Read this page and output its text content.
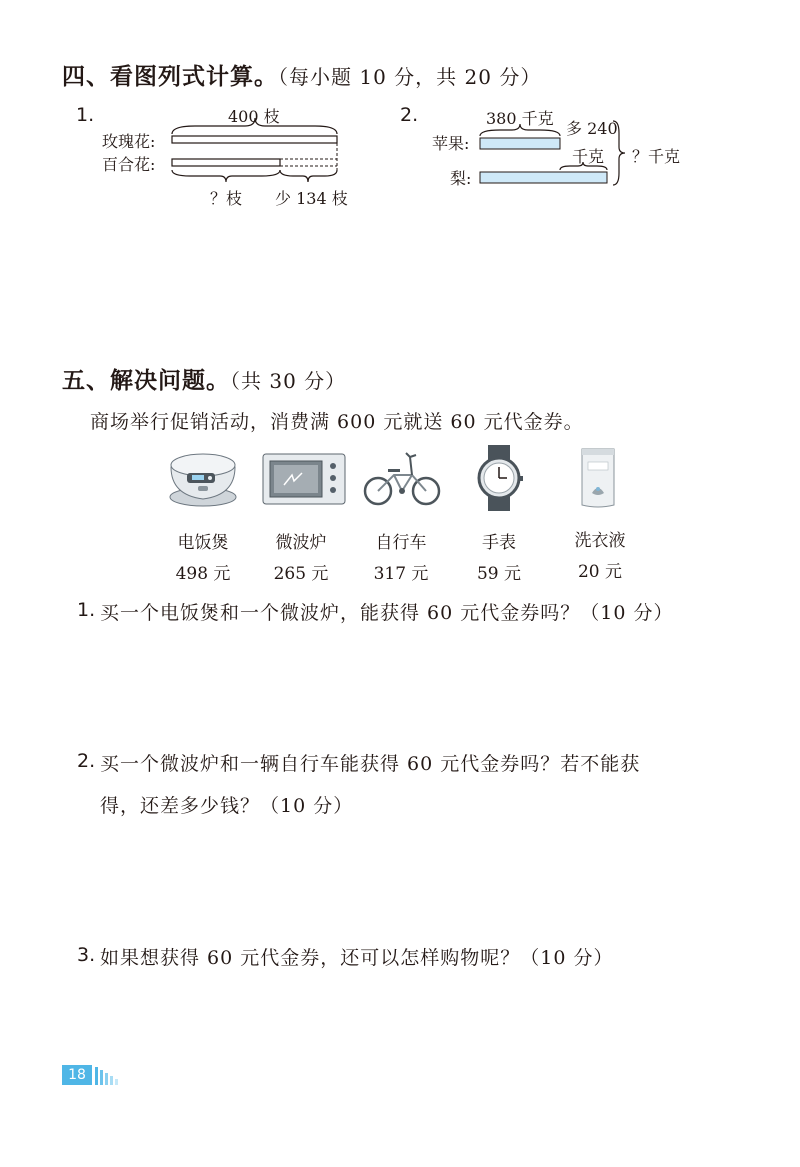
四、看图列式计算。（每小题 10 分，共 20 分）
1.	400 枝
玫瑰花:
百合花:
？枝 少 134 枝
2.	380 千克
多 240
千克
苹果:
梨:
？千克
五、解决问题。（共 30 分）
商场举行促销活动，消费满 600 元就送 60 元代金券。
电饭煲
498 元
微波炉
265 元
自行车
317 元
手表
59 元
洗衣液
20 元
1. 买一个电饭煲和一个微波炉，能获得 60 元代金券吗？（10 分）
2. 买一个微波炉和一辆自行车能获得 60 元代金券吗？若不能获
得，还差多少钱？（10 分）
3. 如果想获得 60 元代金券，还可以怎样购物呢？（10 分）
18
